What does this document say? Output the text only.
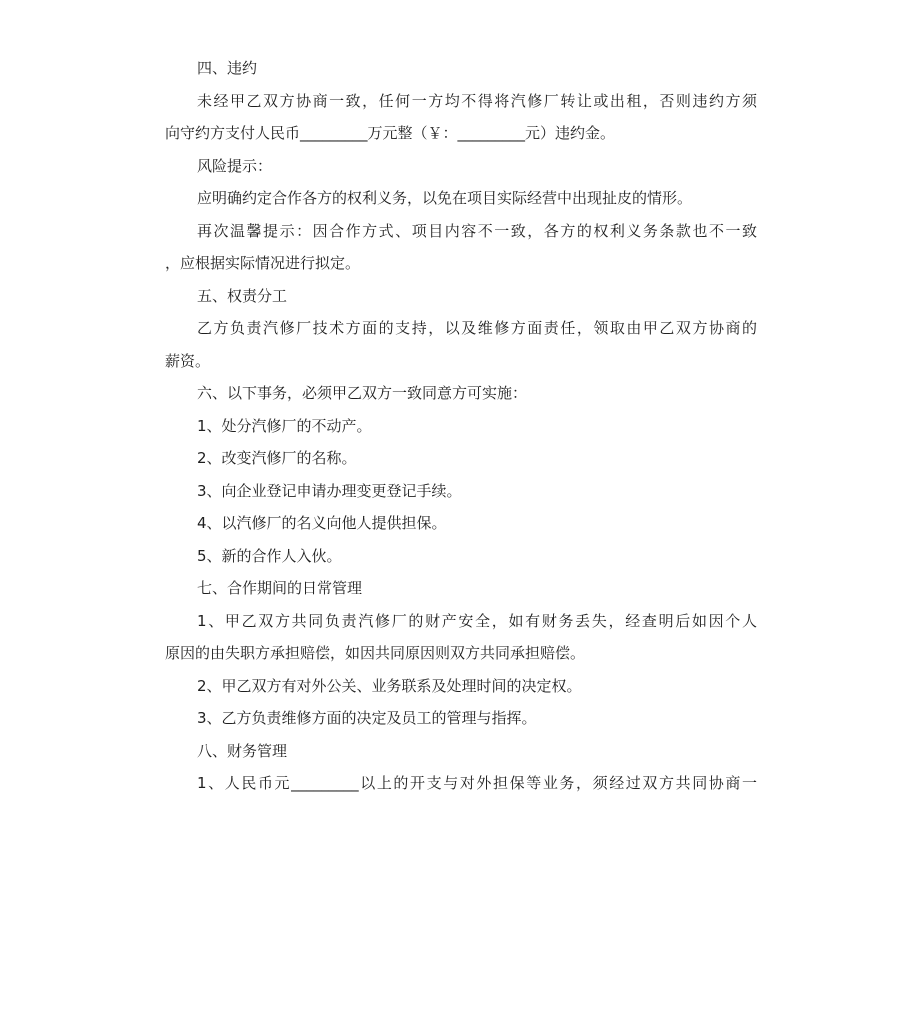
四、违约
未经甲乙双方协商一致，任何一方均不得将汽修厂转让或出租，否则违约方须
向守约方支付人民币_________万元整（￥：_________元）违约金。
风险提示：
应明确约定合作各方的权利义务，以免在项目实际经营中出现扯皮的情形。
再次温馨提示：因合作方式、项目内容不一致，各方的权利义务条款也不一致
，应根据实际情况进行拟定。
五、权责分工
乙方负责汽修厂技术方面的支持，以及维修方面责任，领取由甲乙双方协商的
薪资。
六、以下事务，必须甲乙双方一致同意方可实施：
1、处分汽修厂的不动产。
2、改变汽修厂的名称。
3、向企业登记申请办理变更登记手续。
4、以汽修厂的名义向他人提供担保。
5、新的合作人入伙。
七、合作期间的日常管理
1、甲乙双方共同负责汽修厂的财产安全，如有财务丢失，经查明后如因个人
原因的由失职方承担赔偿，如因共同原因则双方共同承担赔偿。
2、甲乙双方有对外公关、业务联系及处理时间的决定权。
3、乙方负责维修方面的决定及员工的管理与指挥。
八、财务管理
1、人民币元_________以上的开支与对外担保等业务，须经过双方共同协商一
